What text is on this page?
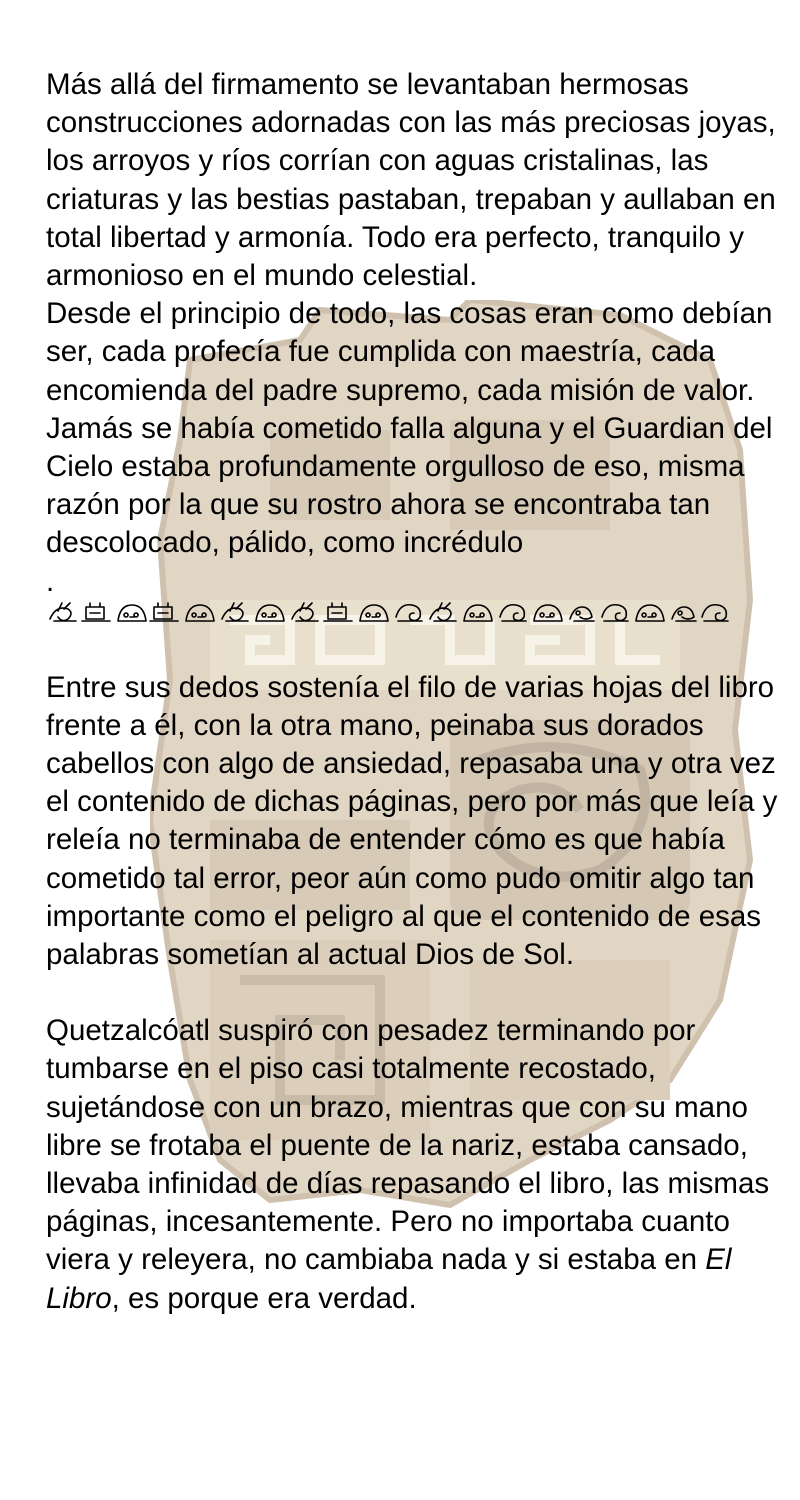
Más allá del firmamento se levantaban hermosas construcciones adornadas con las más preciosas joyas, los arroyos y ríos corrían con aguas cristalinas, las criaturas y las bestias pastaban, trepaban y aullaban en total libertad y armonía. Todo era perfecto, tranquilo y armonioso en el mundo celestial.

Desde el principio de todo, las cosas eran como debían ser, cada profecía fue cumplida con maestría, cada encomienda del padre supremo, cada misión de valor. Jamás se había cometido falla alguna y el Guardian del Cielo estaba profundamente orgulloso de eso, misma razón por la que su rostro ahora se encontraba tan descolocado, pálido, como incrédulo

.

Entre sus dedos sostenía el filo de varias hojas del libro frente a él, con la otra mano, peinaba sus dorados cabellos con algo de ansiedad, repasaba una y otra vez el contenido de dichas páginas, pero por más que leía y releía no terminaba de entender cómo es que había cometido tal error, peor aún como pudo omitir algo tan importante como el peligro al que el contenido de esas palabras sometían al actual Dios de Sol.

Quetzalcóatl suspiró con pesadez terminando por tumbarse en el piso casi totalmente recostado, sujetándose con un brazo, mientras que con su mano libre se frotaba el puente de la nariz, estaba cansado, llevaba infinidad de días repasando el libro, las mismas páginas, incesantemente. Pero no importaba cuanto viera y releyera, no cambiaba nada y si estaba en El Libro, es porque era verdad.
